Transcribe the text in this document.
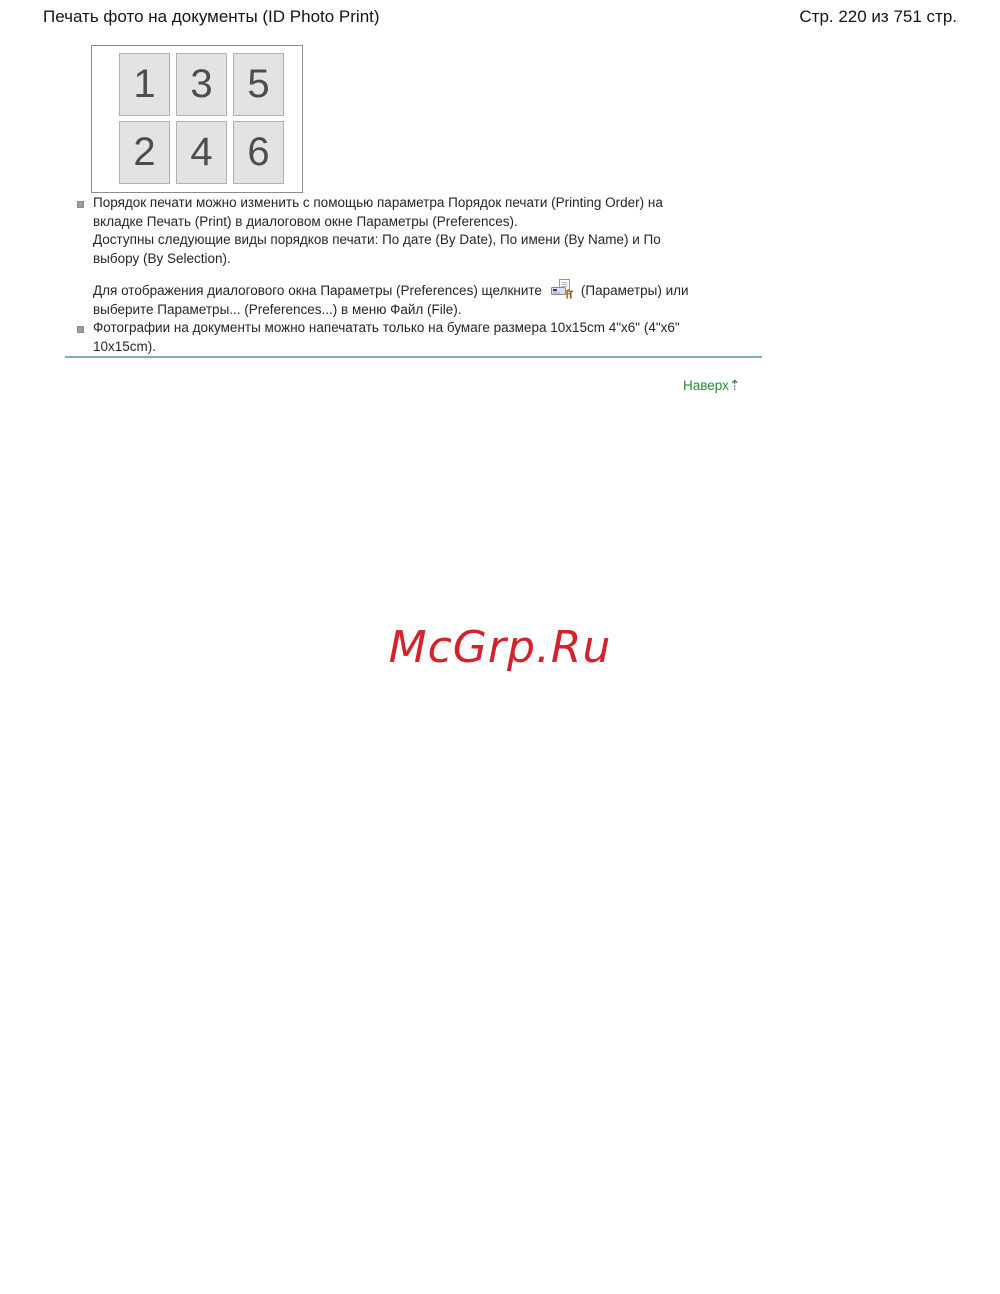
Печать фото на документы (ID Photo Print)	Стр. 220 из 751 стр.
1 3 5
2 4 6
Порядок печати можно изменить с помощью параметра Порядок печати (Printing Order) на
вкладке Печать (Print) в диалоговом окне Параметры (Preferences).
Доступны следующие виды порядков печати: По дате (By Date), По имени (By Name) и По
выбору (By Selection).
Для отображения диалогового окна Параметры (Preferences) щелкните	(Параметры) или
выберите Параметры... (Preferences...) в меню Файл (File).
Фотографии на документы можно напечатать только на бумаге размера 10x15cm 4"x6" (4"x6"
10x15cm).
Наверх⇡
McGrp.Ru
